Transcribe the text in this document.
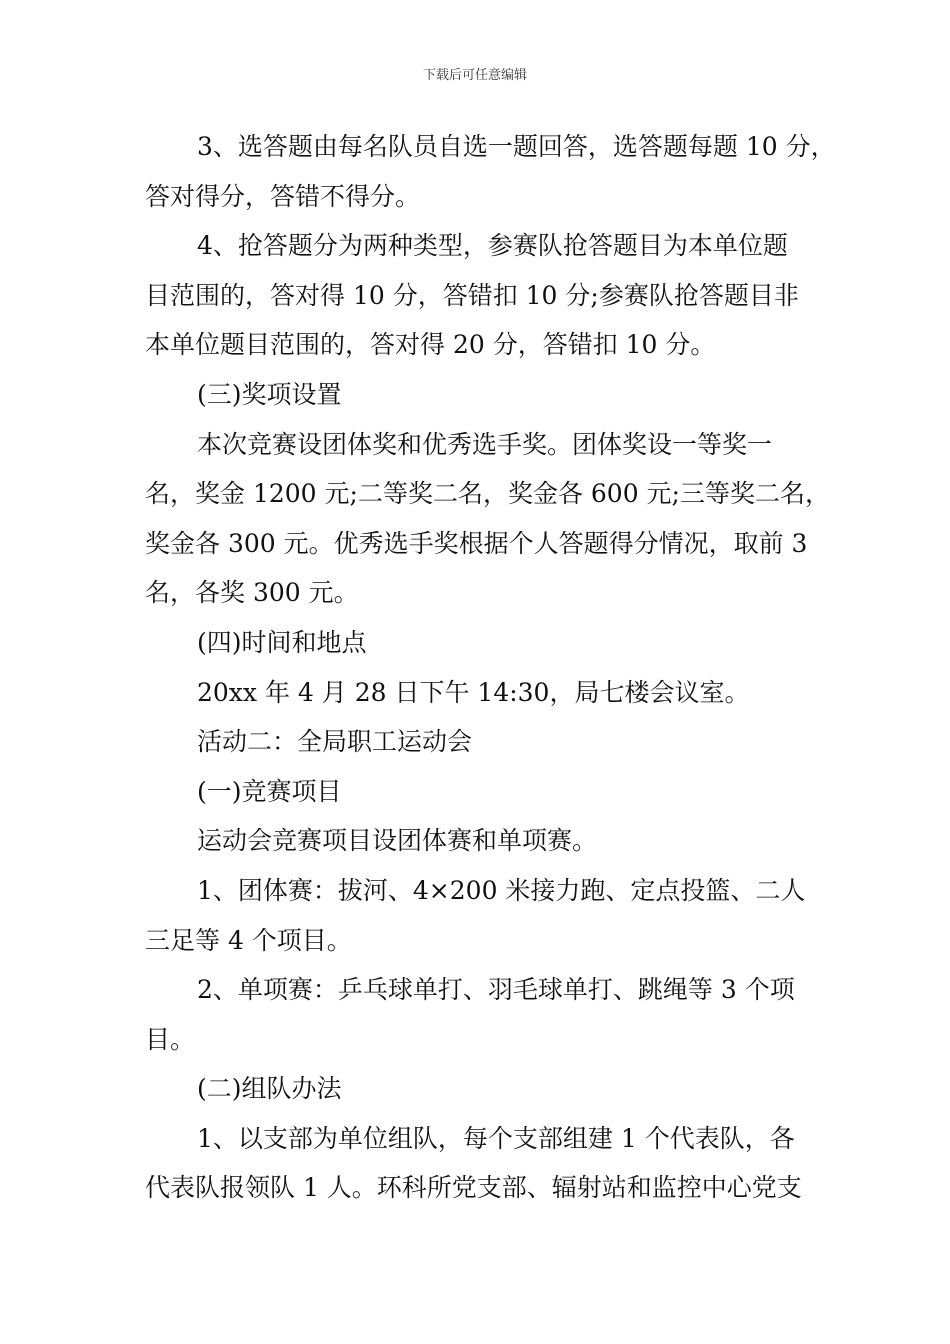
下载后可任意编辑
3、选答题由每名队员自选一题回答，选答题每题 10 分，
答对得分，答错不得分。
4、抢答题分为两种类型，参赛队抢答题目为本单位题
目范围的，答对得 10 分，答错扣 10 分;参赛队抢答题目非
本单位题目范围的，答对得 20 分，答错扣 10 分。
(三)奖项设置
本次竞赛设团体奖和优秀选手奖。团体奖设一等奖一
名，奖金 1200 元;二等奖二名，奖金各 600 元;三等奖二名，
奖金各 300 元。优秀选手奖根据个人答题得分情况，取前 3
名，各奖 300 元。
(四)时间和地点
20xx 年 4 月 28 日下午 14:30，局七楼会议室。
活动二：全局职工运动会
(一)竞赛项目
运动会竞赛项目设团体赛和单项赛。
1、团体赛：拔河、4×200 米接力跑、定点投篮、二人
三足等 4 个项目。
2、单项赛：乒乓球单打、羽毛球单打、跳绳等 3 个项
目。
(二)组队办法
1、以支部为单位组队，每个支部组建 1 个代表队，各
代表队报领队 1 人。环科所党支部、辐射站和监控中心党支
